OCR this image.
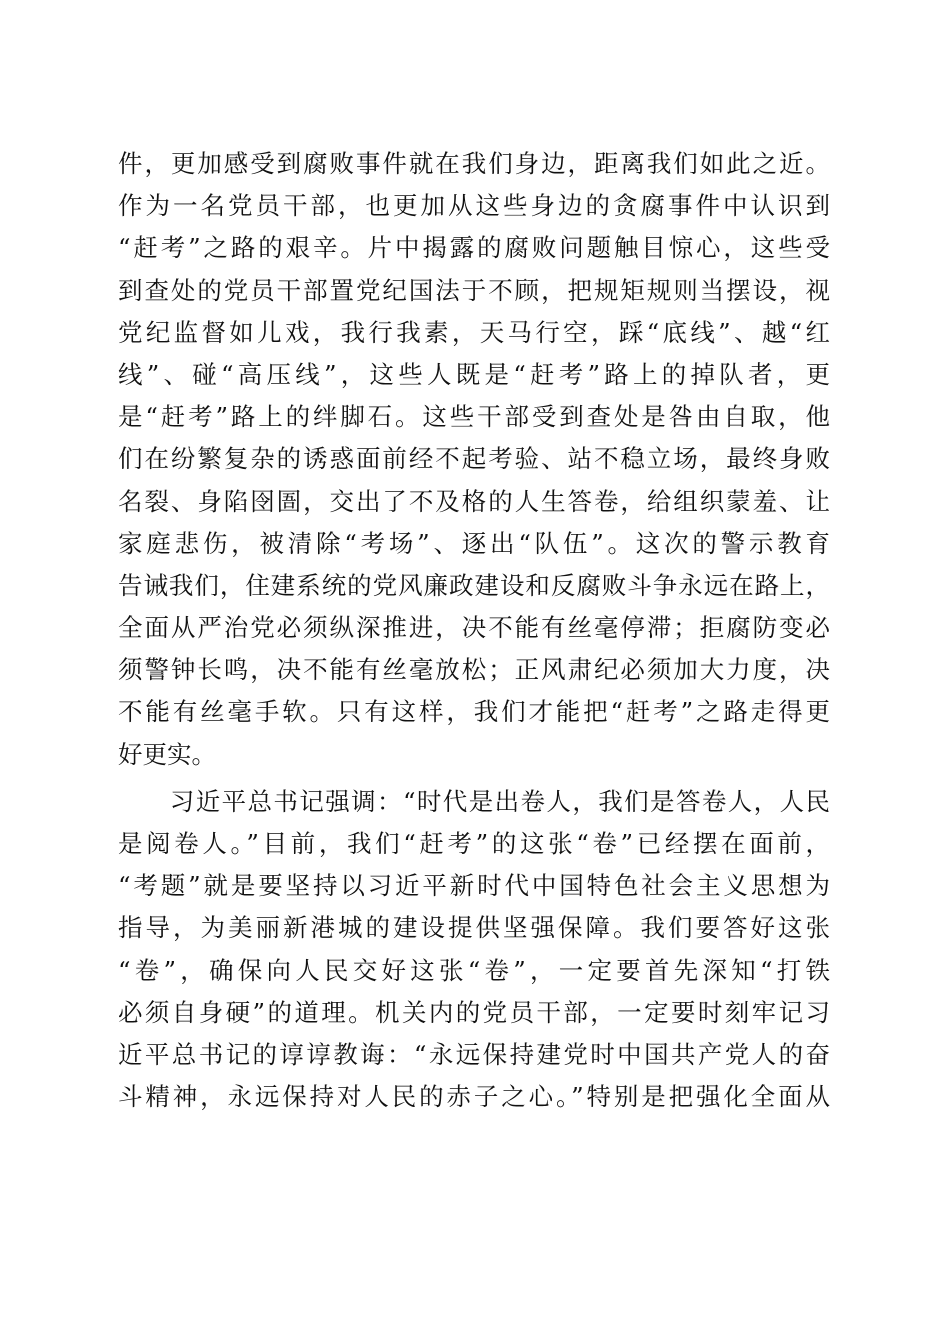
件，更加感受到腐败事件就在我们身边，距离我们如此之近。
作为一名党员干部，也更加从这些身边的贪腐事件中认识到
“赶考”之路的艰辛。片中揭露的腐败问题触目惊心，这些受
到查处的党员干部置党纪国法于不顾，把规矩规则当摆设，视
党纪监督如儿戏，我行我素，天马行空，踩“底线”、越“红
线”、碰“高压线”，这些人既是“赶考”路上的掉队者，更
是“赶考”路上的绊脚石。这些干部受到查处是咎由自取，他
们在纷繁复杂的诱惑面前经不起考验、站不稳立场，最终身败
名裂、身陷囹圄，交出了不及格的人生答卷，给组织蒙羞、让
家庭悲伤，被清除“考场”、逐出“队伍”。这次的警示教育
告诫我们，住建系统的党风廉政建设和反腐败斗争永远在路上，
全面从严治党必须纵深推进，决不能有丝毫停滞；拒腐防变必
须警钟长鸣，决不能有丝毫放松；正风肃纪必须加大力度，决
不能有丝毫手软。只有这样，我们才能把“赶考”之路走得更
好更实。
　　习近平总书记强调：“时代是出卷人，我们是答卷人，人民
是阅卷人。”目前，我们“赶考”的这张“卷”已经摆在面前，
“考题”就是要坚持以习近平新时代中国特色社会主义思想为
指导，为美丽新港城的建设提供坚强保障。我们要答好这张
“卷”，确保向人民交好这张“卷”，一定要首先深知“打铁
必须自身硬”的道理。机关内的党员干部，一定要时刻牢记习
近平总书记的谆谆教诲：“永远保持建党时中国共产党人的奋
斗精神，永远保持对人民的赤子之心。”特别是把强化全面从
